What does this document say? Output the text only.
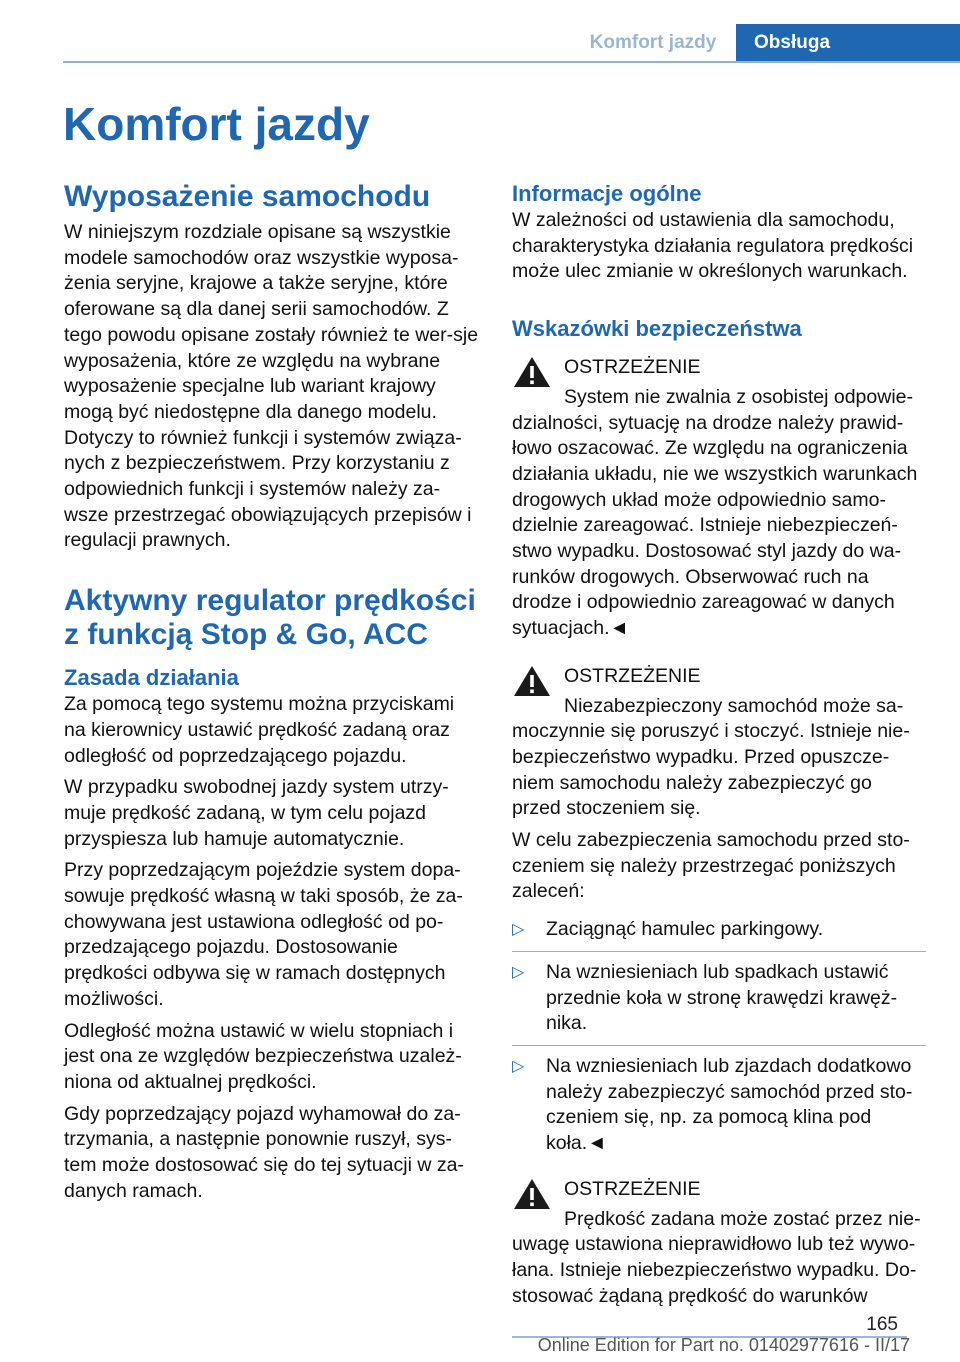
Komfort jazdy	Obsługa
Komfort jazdy
Wyposażenie samochodu

W niniejszym rozdziale opisane są wszystkie modele samochodów oraz wszystkie wyposa-żenia seryjne, krajowe a także seryjne, które oferowane są dla danej serii samochodów. Z tego powodu opisane zostały również te wer-sje wyposażenia, które ze względu na wybrane wyposażenie specjalne lub wariant krajowy mogą być niedostępne dla danego modelu. Dotyczy to również funkcji i systemów związa-nych z bezpieczeństwem. Przy korzystaniu z odpowiednich funkcji i systemów należy za-wsze przestrzegać obowiązujących przepisów i regulacji prawnych.

Aktywny regulator prędkości z funkcją Stop & Go, ACC
Zasada działania

Za pomocą tego systemu można przyciskami na kierownicy ustawić prędkość zadaną oraz odległość od poprzedzającego pojazdu.

W przypadku swobodnej jazdy system utrzy-muje prędkość zadaną, w tym celu pojazd przyspiesza lub hamuje automatycznie.

Przy poprzedzającym pojeździe system dopa-sowuje prędkość własną w taki sposób, że za-chowywana jest ustawiona odległość od po-przedzającego pojazdu. Dostosowanie prędkości odbywa się w ramach dostępnych możliwości.

Odległość można ustawić w wielu stopniach i jest ona ze względów bezpieczeństwa uzależ-niona od aktualnej prędkości.

Gdy poprzedzający pojazd wyhamował do za-trzymania, a następnie ponownie ruszył, sys-tem może dostosować się do tej sytuacji w za-danych ramach.

Informacje ogólne

W zależności od ustawienia dla samochodu, charakterystyka działania regulatora prędkości może ulec zmianie w określonych warunkach.

Wskazówki bezpieczeństwa

OSTRZEŻENIE

System nie zwalnia z osobistej odpowie-dzialności, sytuację na drodze należy prawid-łowo oszacować. Ze względu na ograniczenia działania układu, nie we wszystkich warunkach drogowych układ może odpowiednio samo-dzielnie zareagować. Istnieje niebezpieczeń-stwo wypadku. Dostosować styl jazdy do wa-runków drogowych. Obserwować ruch na drodze i odpowiednio zareagować w danych sytuacjach.◄

OSTRZEŻENIE

Niezabezpieczony samochód może sa-moczynnie się poruszyć i stoczyć. Istnieje nie-bezpieczeństwo wypadku. Przed opuszcze-niem samochodu należy zabezpieczyć go przed stoczeniem się.

W celu zabezpieczenia samochodu przed sto-czeniem się należy przestrzegać poniższych zaleceń:

▷ Zaciągnąć hamulec parkingowy.
▷ Na wzniesieniach lub spadkach ustawić przednie koła w stronę krawędzi krawęż-nika.
▷ Na wzniesieniach lub zjazdach dodatkowo należy zabezpieczyć samochód przed sto-czeniem się, np. za pomocą klina pod koła.◄

OSTRZEŻENIE

Prędkość zadana może zostać przez nie-uwagę ustawiona nieprawidłowo lub też wywo-łana. Istnieje niebezpieczeństwo wypadku. Do-stosować żądaną prędkość do warunków

165
Online Edition for Part no. 01402977616 - II/17
